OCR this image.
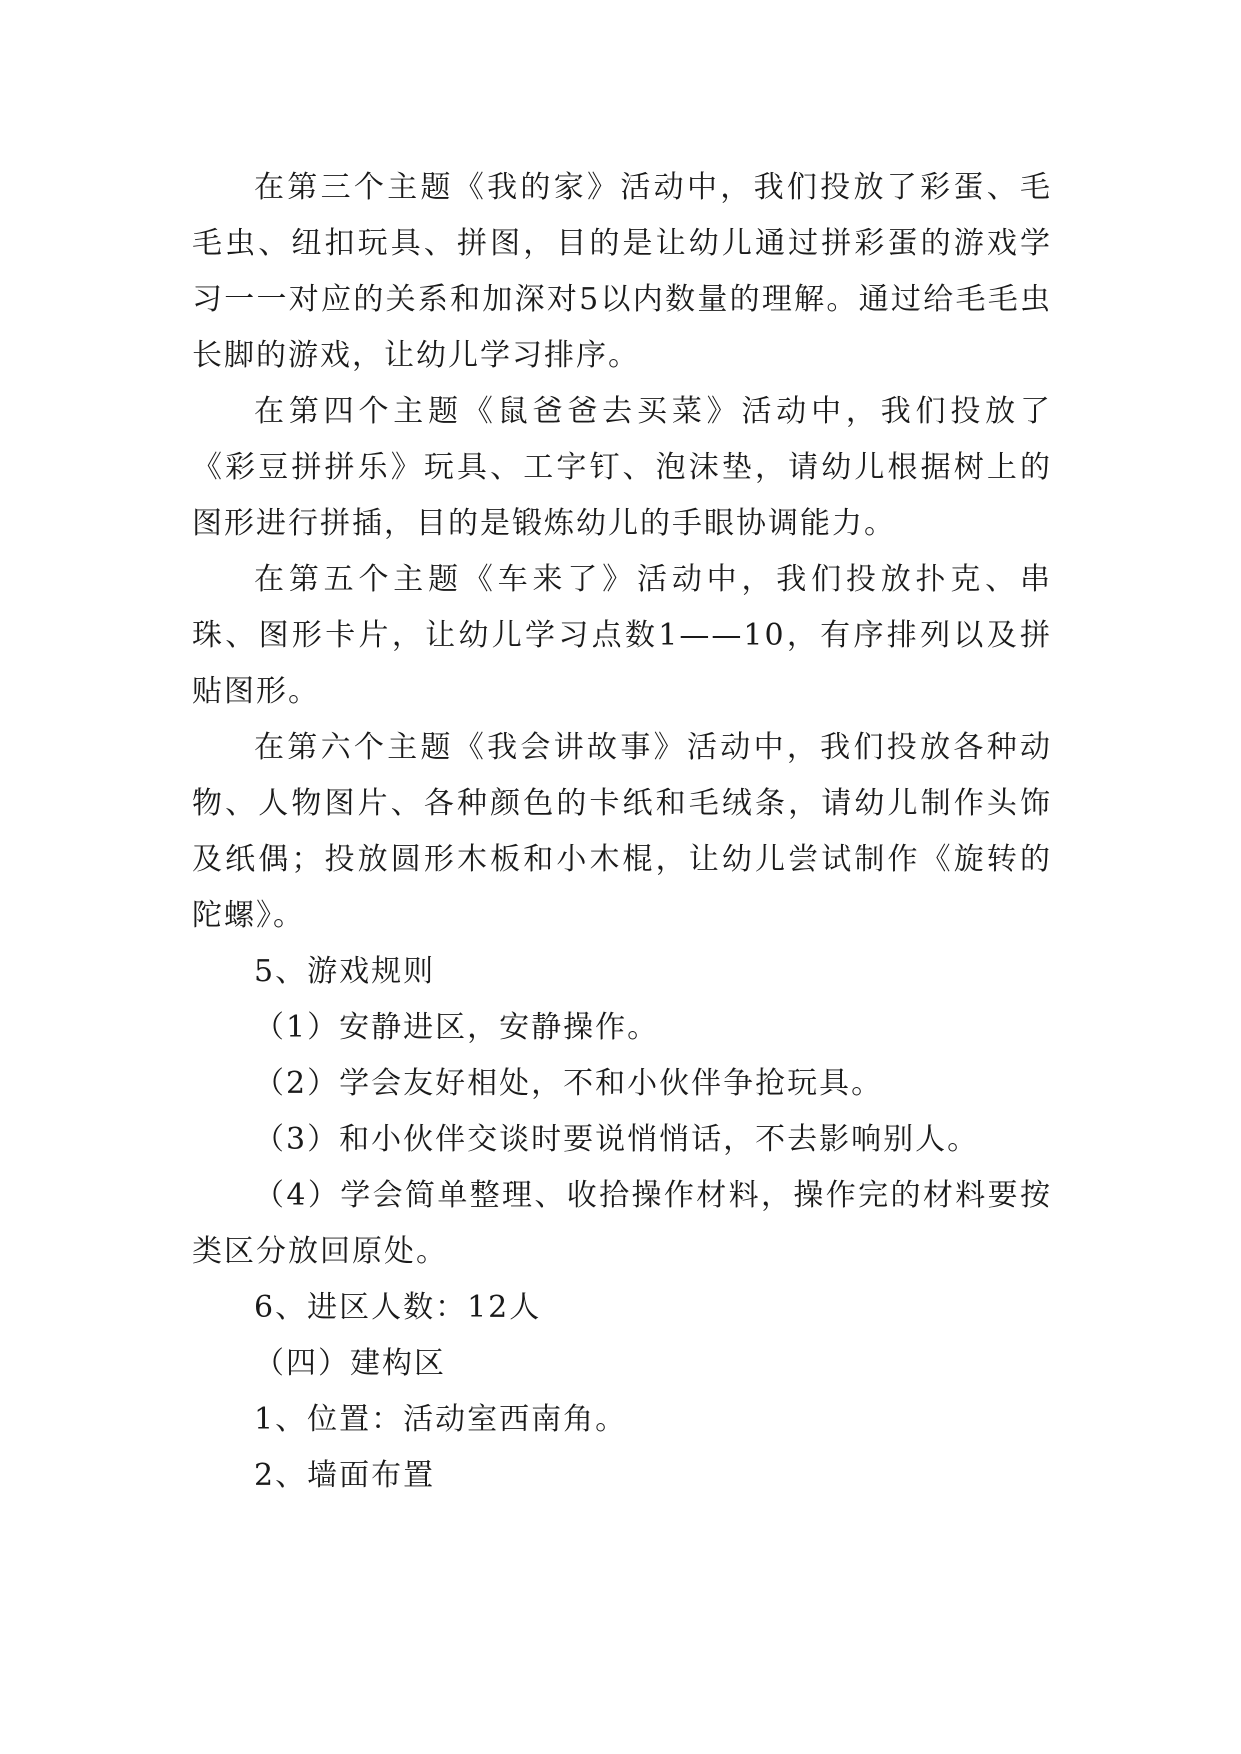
在第三个主题《我的家》活动中，我们投放了彩蛋、毛毛虫、纽扣玩具、拼图，目的是让幼儿通过拼彩蛋的游戏学习一一对应的关系和加深对5以内数量的理解。通过给毛毛虫长脚的游戏，让幼儿学习排序。

在第四个主题《鼠爸爸去买菜》活动中，我们投放了《彩豆拼拼乐》玩具、工字钉、泡沫垫，请幼儿根据树上的图形进行拼插，目的是锻炼幼儿的手眼协调能力。

在第五个主题《车来了》活动中，我们投放扑克、串珠、图形卡片，让幼儿学习点数1——10，有序排列以及拼贴图形。

在第六个主题《我会讲故事》活动中，我们投放各种动物、人物图片、各种颜色的卡纸和毛绒条，请幼儿制作头饰及纸偶；投放圆形木板和小木棍，让幼儿尝试制作《旋转的陀螺》。

5、游戏规则

（1）安静进区，安静操作。

（2）学会友好相处，不和小伙伴争抢玩具。

（3）和小伙伴交谈时要说悄悄话，不去影响别人。

（4）学会简单整理、收拾操作材料，操作完的材料要按类区分放回原处。

6、进区人数：12人

（四）建构区

1、位置：活动室西南角。

2、墙面布置
